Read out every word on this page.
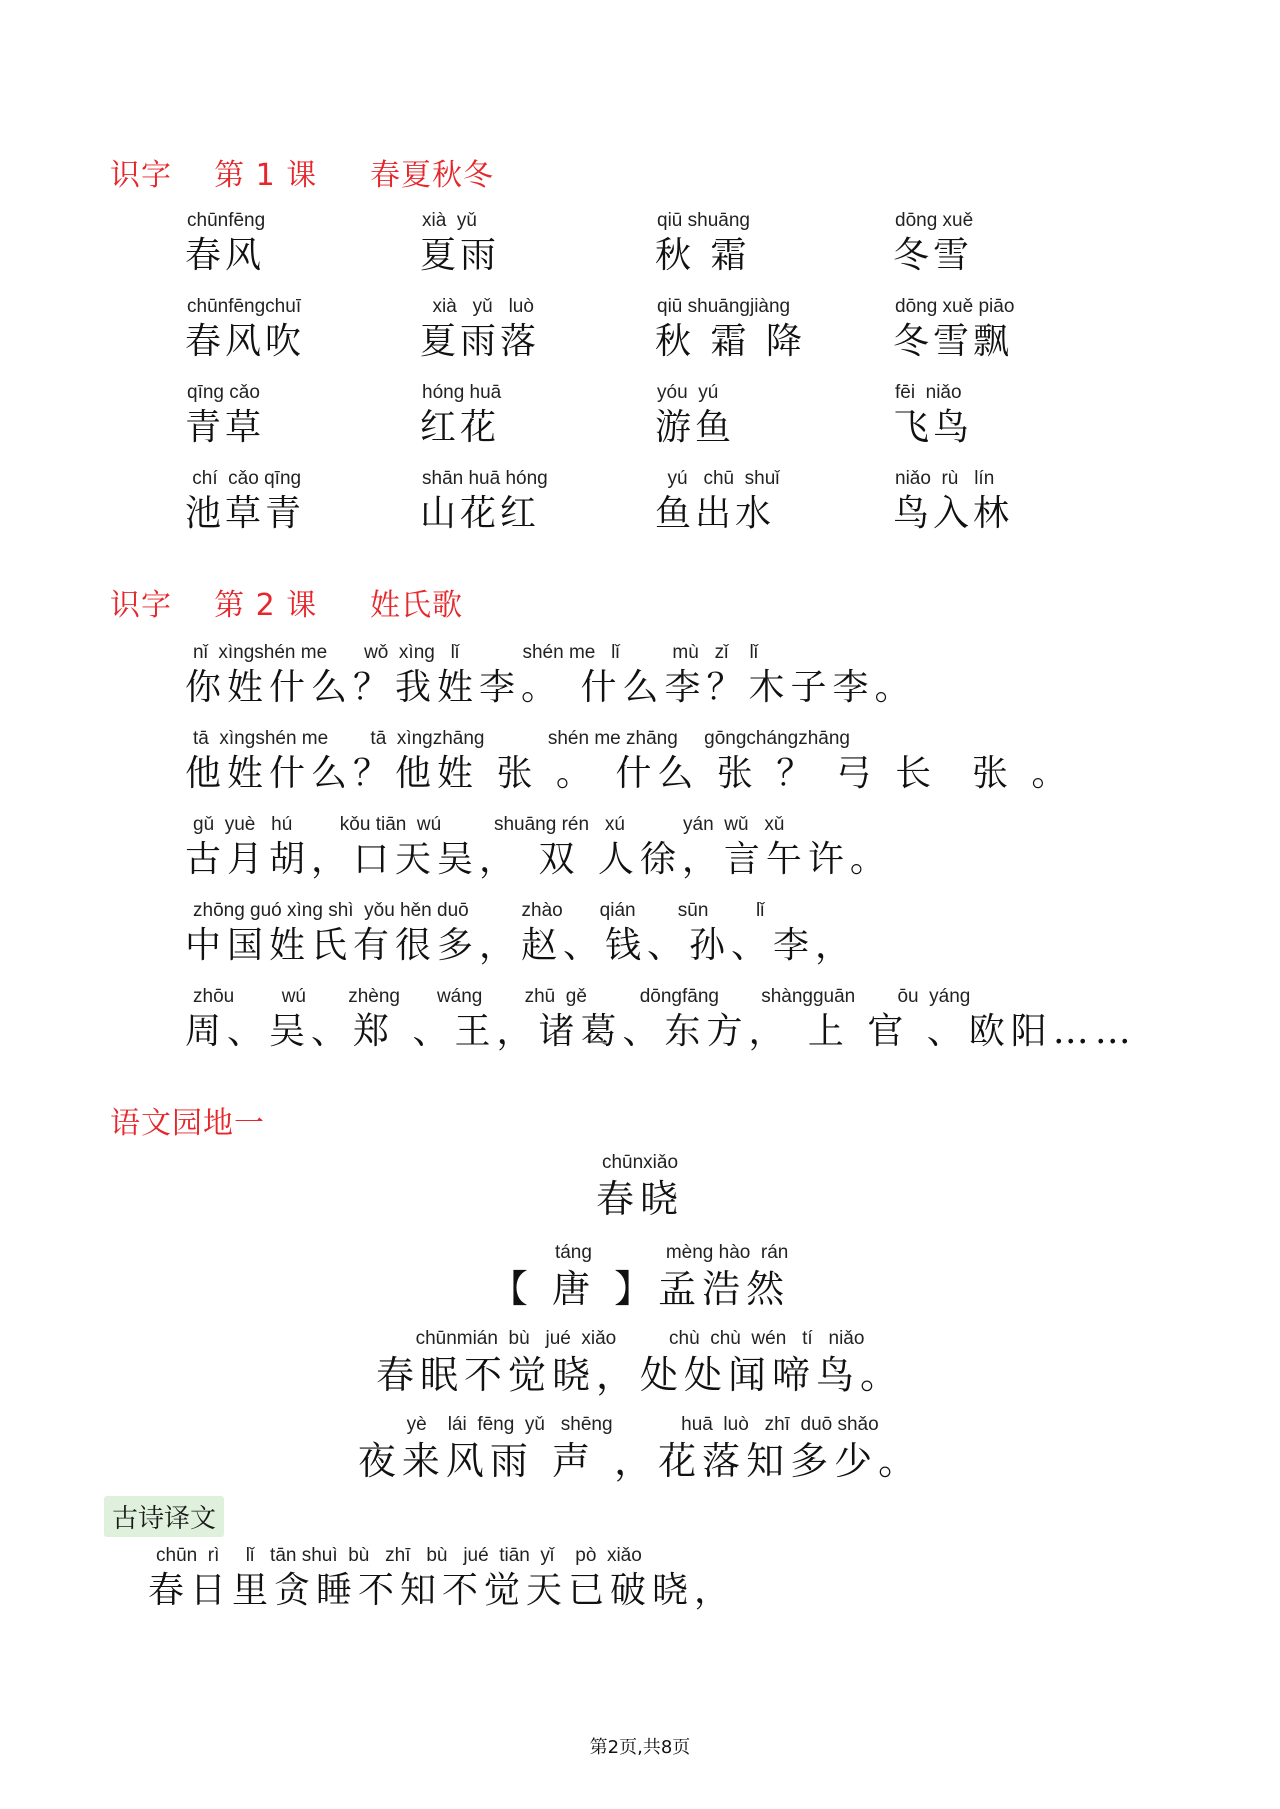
识字    第 1 课     春夏秋冬
chūnfēng
春风
xià  yǔ
夏雨
qiū shuāng
秋 霜
dōng xuě
冬雪
chūnfēngchuī
春风吹
xià   yǔ   luò
夏雨落
qiū shuāngjiàng
秋 霜 降
dōng xuě piāo
冬雪飘
qīng cǎo
青草
hóng huā
红花
yóu  yú
游鱼
fēi  niǎo
飞鸟
chí  cǎo qīng
池草青
shān huā hóng
山花红
yú   chū  shuǐ
鱼出水
niǎo  rù   lín
鸟入林
识字    第 2 课     姓氏歌
nǐ  xìngshén me       wǒ  xìng   lǐ            shén me   lǐ          mù   zǐ    lǐ
你姓什么？我姓李。 什么李？木子李。
tā  xìngshén me        tā  xìngzhāng            shén me zhāng     gōngchángzhāng
他姓什么？他姓 张 。 什么 张 ？ 弓 长  张 。
gǔ  yuè   hú         kǒu tiān  wú          shuāng rén   xú           yán  wǔ   xǔ
古月胡，口天吴， 双 人徐，言午许。
zhōng guó xìng shì  yǒu hěn duō          zhào       qián        sūn         lǐ
中国姓氏有很多，赵、钱、孙、李，
zhōu         wú        zhèng       wáng        zhū  gě          dōngfāng        shàngguān        ōu  yáng
周、吴、郑 、王，诸葛、东方， 上 官 、欧阳……
语文园地一
chūnxiǎo
春晓
táng              mèng hào  rán
【 唐 】孟浩然
chūnmián  bù   jué  xiǎo          chù  chù  wén   tí   niǎo
春眠不觉晓，处处闻啼鸟。
yè    lái  fēng  yǔ   shēng             huā  luò   zhī  duō shǎo
夜来风雨 声 ，花落知多少。
古诗译文
chūn  rì     lǐ   tān shuì  bù   zhī   bù   jué  tiān  yǐ    pò  xiǎo
春日里贪睡不知不觉天已破晓，
第2页,共8页
